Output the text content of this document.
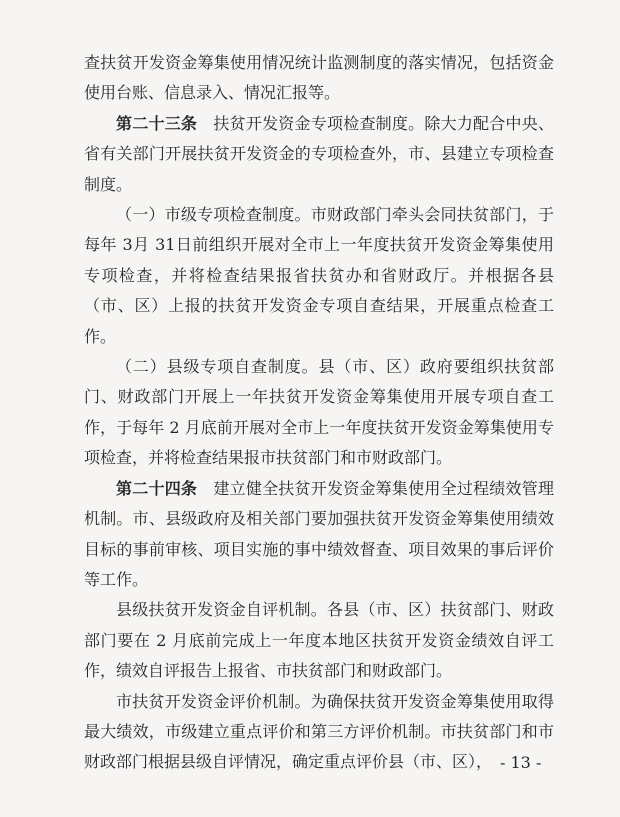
查扶贫开发资金筹集使用情况统计监测制度的落实情况，包括资金使用台账、信息录入、情况汇报等。

第二十三条　扶贫开发资金专项检查制度。除大力配合中央、省有关部门开展扶贫开发资金的专项检查外，市、县建立专项检查制度。

（一）市级专项检查制度。市财政部门牵头会同扶贫部门，于每年 3月 31日前组织开展对全市上一年度扶贫开发资金筹集使用专项检查，并将检查结果报省扶贫办和省财政厅。并根据各县（市、区）上报的扶贫开发资金专项自查结果，开展重点检查工作。

（二）县级专项自查制度。县（市、区）政府要组织扶贫部门、财政部门开展上一年扶贫开发资金筹集使用开展专项自查工作，于每年 2 月底前开展对全市上一年度扶贫开发资金筹集使用专项检查，并将检查结果报市扶贫部门和市财政部门。

第二十四条　建立健全扶贫开发资金筹集使用全过程绩效管理机制。市、县级政府及相关部门要加强扶贫开发资金筹集使用绩效目标的事前审核、项目实施的事中绩效督查、项目效果的事后评价等工作。

县级扶贫开发资金自评机制。各县（市、区）扶贫部门、财政部门要在 2 月底前完成上一年度本地区扶贫开发资金绩效自评工作，绩效自评报告上报省、市扶贫部门和财政部门。

市扶贫开发资金评价机制。为确保扶贫开发资金筹集使用取得最大绩效，市级建立重点评价和第三方评价机制。市扶贫部门和市财政部门根据县级自评情况，确定重点评价县（市、区）， - 13 -
